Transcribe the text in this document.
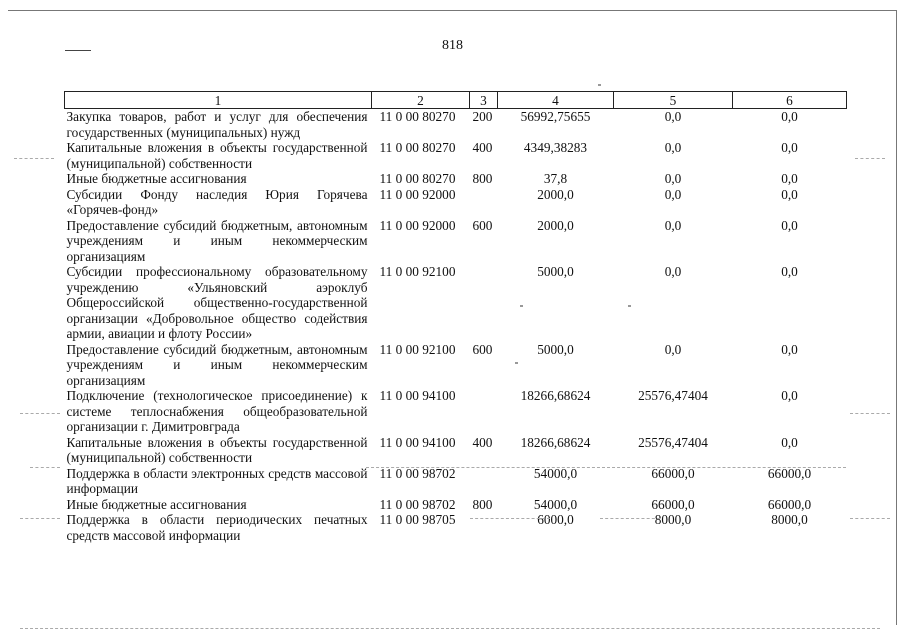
818
1	2	3	4	5	6
Закупка товаров, работ и услуг для обеспечения государственных (муниципальных) нужд	11 0 00 80270	200	56992,75655	0,0	0,0
Капитальные вложения в объекты государственной (муниципальной) собственности	11 0 00 80270	400	4349,38283	0,0	0,0
Иные бюджетные ассигнования	11 0 00 80270	800	37,8	0,0	0,0
Субсидии Фонду наследия Юрия Горячева «Горячев-фонд»	11 0 00 92000		2000,0	0,0	0,0
Предоставление субсидий бюджетным, автономным учреждениям и иным некоммерческим организациям	11 0 00 92000	600	2000,0	0,0	0,0
Субсидии профессиональному образовательному учреждению «Ульяновский аэроклуб Общероссийской общественно-государственной организации «Добровольное общество содействия армии, авиации и флоту России»	11 0 00 92100		5000,0	0,0	0,0
Предоставление субсидий бюджетным, автономным учреждениям и иным некоммерческим организациям	11 0 00 92100	600	5000,0	0,0	0,0
Подключение (технологическое присоединение) к системе теплоснабжения общеобразовательной организации г. Димитровграда	11 0 00 94100		18266,68624	25576,47404	0,0
Капитальные вложения в объекты государственной (муниципальной) собственности	11 0 00 94100	400	18266,68624	25576,47404	0,0
Поддержка в области электронных средств массовой информации	11 0 00 98702		54000,0	66000,0	66000,0
Иные бюджетные ассигнования	11 0 00 98702	800	54000,0	66000,0	66000,0
Поддержка в области периодических печатных средств массовой информации	11 0 00 98705		6000,0	8000,0	8000,0
